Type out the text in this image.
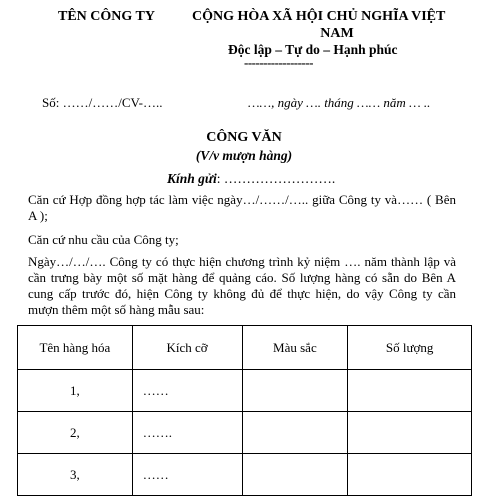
TÊN CÔNG TY	CỘNG HÒA XÃ HỘI CHỦ NGHĨA VIỆT
NAM
Độc lập – Tự do – Hạnh phúc
------------------
Số: ……/……/CV-…..	……, ngày …. tháng …… năm … ..
CÔNG VĂN
(V/v mượn hàng)
Kính gửi: …………………….
Căn cứ Hợp đồng hợp tác làm việc ngày…/……/….. giữa Công ty và…… ( Bên A );
Căn cứ nhu cầu của Công ty;
Ngày…/…/…. Công ty có thực hiện chương trình kỷ niệm …. năm thành lập và cần trưng bày một số mặt hàng để quảng cáo. Số lượng hàng có sẵn do Bên A cung cấp trước đó, hiện Công ty không đủ để thực hiện, do vậy Công ty cần mượn thêm một số hàng mẫu sau:
Tên hàng hóa	Kích cỡ	Màu sắc	Số lượng
1,	……		
2,	…….		
3,	……		
